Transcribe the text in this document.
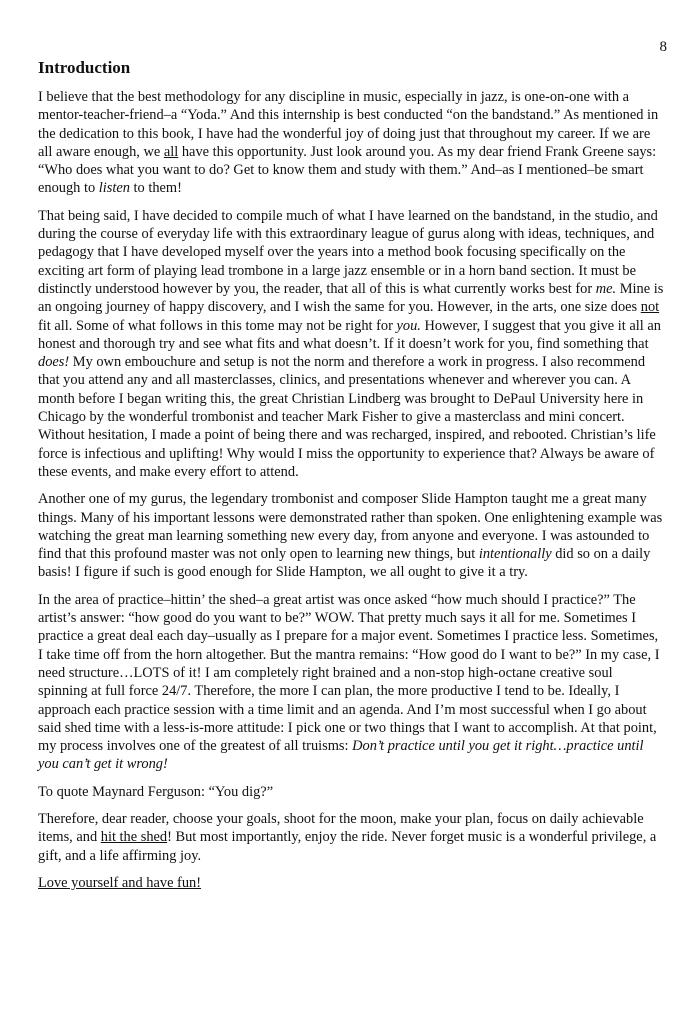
8
Introduction

I believe that the best methodology for any discipline in music, especially in jazz, is one-on-one with a mentor-teacher-friend–a “Yoda.” And this internship is best conducted “on the bandstand.” As mentioned in the dedication to this book, I have had the wonderful joy of doing just that throughout my career. If we are all aware enough, we all have this opportunity. Just look around you. As my dear friend Frank Greene says: “Who does what you want to do? Get to know them and study with them.” And–as I mentioned–be smart enough to listen to them!

That being said, I have decided to compile much of what I have learned on the bandstand, in the studio, and during the course of everyday life with this extraordinary league of gurus along with ideas, techniques, and pedagogy that I have developed myself over the years into a method book focusing specifically on the exciting art form of playing lead trombone in a large jazz ensemble or in a horn band section. It must be distinctly understood however by you, the reader, that all of this is what currently works best for me. Mine is an ongoing journey of happy discovery, and I wish the same for you. However, in the arts, one size does not fit all. Some of what follows in this tome may not be right for you. However, I suggest that you give it all an honest and thorough try and see what fits and what doesn’t. If it doesn’t work for you, find something that does! My own embouchure and setup is not the norm and therefore a work in progress. I also recommend that you attend any and all masterclasses, clinics, and presentations whenever and wherever you can. A month before I began writing this, the great Christian Lindberg was brought to DePaul University here in Chicago by the wonderful trombonist and teacher Mark Fisher to give a masterclass and mini concert. Without hesitation, I made a point of being there and was recharged, inspired, and rebooted. Christian’s life force is infectious and uplifting! Why would I miss the opportunity to experience that? Always be aware of these events, and make every effort to attend.

Another one of my gurus, the legendary trombonist and composer Slide Hampton taught me a great many things. Many of his important lessons were demonstrated rather than spoken. One enlightening example was watching the great man learning something new every day, from anyone and everyone. I was astounded to find that this profound master was not only open to learning new things, but intentionally did so on a daily basis! I figure if such is good enough for Slide Hampton, we all ought to give it a try.

In the area of practice–hittin’ the shed–a great artist was once asked “how much should I practice?” The artist’s answer: “how good do you want to be?” WOW. That pretty much says it all for me. Sometimes I practice a great deal each day–usually as I prepare for a major event. Sometimes I practice less. Sometimes, I take time off from the horn altogether. But the mantra remains: “How good do I want to be?” In my case, I need structure…LOTS of it! I am completely right brained and a non-stop high-octane creative soul spinning at full force 24/7. Therefore, the more I can plan, the more productive I tend to be. Ideally, I approach each practice session with a time limit and an agenda. And I’m most successful when I go about said shed time with a less-is-more attitude: I pick one or two things that I want to accomplish. At that point, my process involves one of the greatest of all truisms: Don’t practice until you get it right…practice until you can’t get it wrong!

To quote Maynard Ferguson: “You dig?”

Therefore, dear reader, choose your goals, shoot for the moon, make your plan, focus on daily achievable items, and hit the shed! But most importantly, enjoy the ride. Never forget music is a wonderful privilege, a gift, and a life affirming joy.

Love yourself and have fun!
